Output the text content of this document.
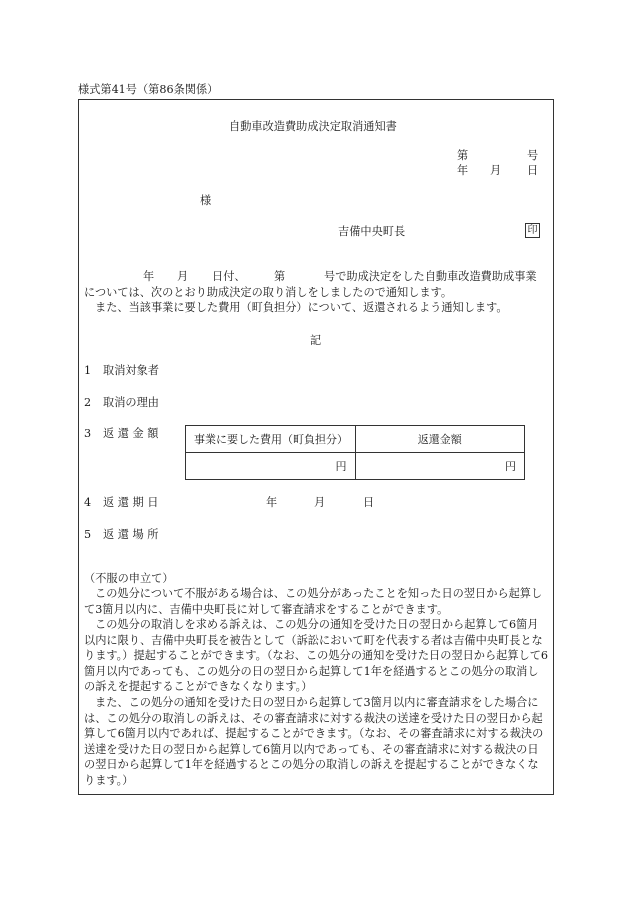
様式第41号（第86条関係）
自動車改造費助成決定取消通知書
第	号
年 月 日
様
吉備中央町長	印
年 月 日付、	第	号で助成決定をした自動車改造費助成事業
については、次のとおり助成決定の取り消しをしましたので通知します。
また、当該事業に要した費用（町負担分）について、返還されるよう通知します。
記
1 取消対象者
2 取消の理由
3 返 還 金 額	事業に要した費用（町負担分）	返還金額
円	円
4 返 還 期 日	年	月	日
5 返 還 場 所
（不服の申立て）
この処分について不服がある場合は、この処分があったことを知った日の翌日から起算して3箇月以内に、吉備中央町長に対して審査請求をすることができます。
この処分の取消しを求める訴えは、この処分の通知を受けた日の翌日から起算して6箇月以内に限り、吉備中央町長を被告として（訴訟において町を代表する者は吉備中央町長となります。）提起することができます。（なお、この処分の通知を受けた日の翌日から起算して6箇月以内であっても、この処分の日の翌日から起算して1年を経過するとこの処分の取消しの訴えを提起することができなくなります。）
また、この処分の通知を受けた日の翌日から起算して3箇月以内に審査請求をした場合には、この処分の取消しの訴えは、その審査請求に対する裁決の送達を受けた日の翌日から起算して6箇月以内であれば、提起することができます。（なお、その審査請求に対する裁決の送達を受けた日の翌日から起算して6箇月以内であっても、その審査請求に対する裁決の日の翌日から起算して1年を経過するとこの処分の取消しの訴えを提起することができなくなります。）
